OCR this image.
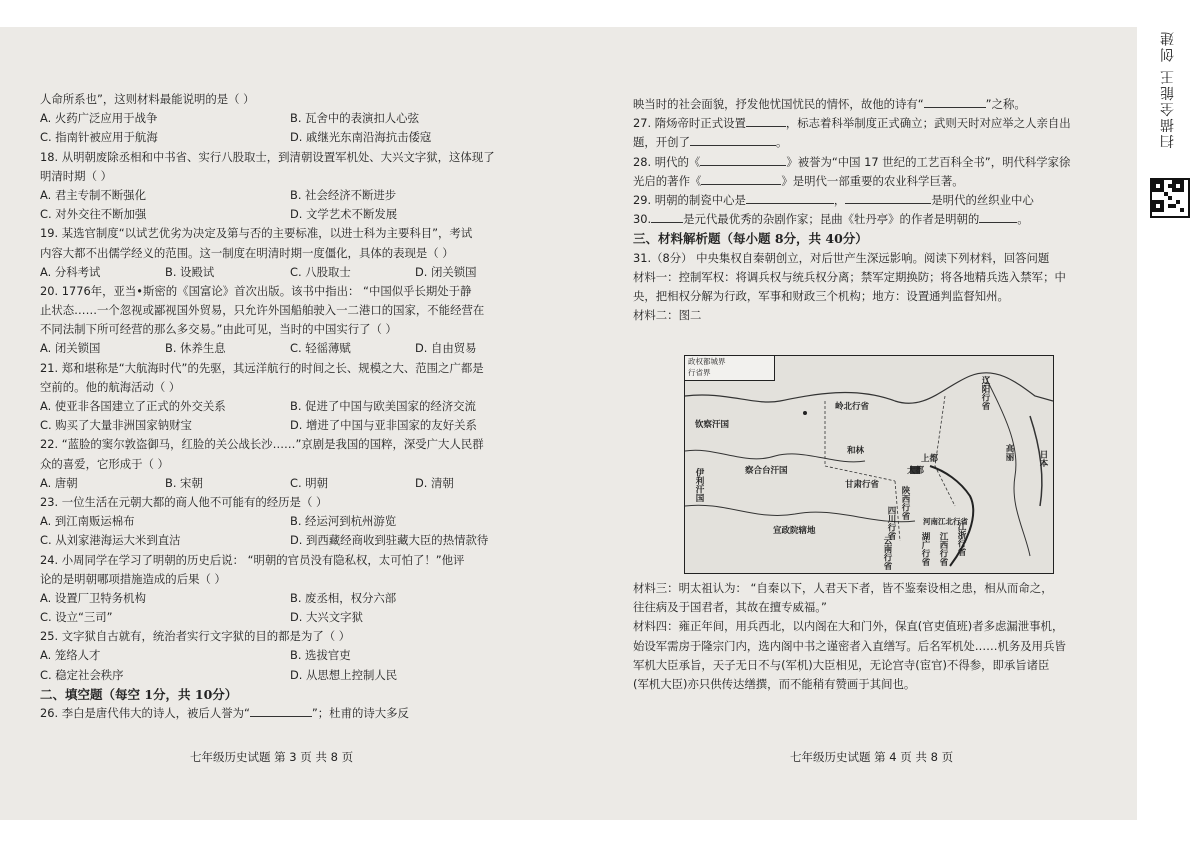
人命所系也”，这则材料最能说明的是（ ）
A. 火药广泛应用于战争	B. 瓦舍中的表演扣人心弦
C. 指南针被应用于航海	D. 戚继光东南沿海抗击倭寇
18. 从明朝废除丞相和中书省、实行八股取士，到清朝设置军机处、大兴文字狱，这体现了
明清时期（ ）
A. 君主专制不断强化	B. 社会经济不断进步
C. 对外交往不断加强	D. 文学艺术不断发展
19. 某选官制度“以试艺优劣为决定及第与否的主要标准，以进士科为主要科目”，考试
内容大都不出儒学经义的范围。这一制度在明清时期一度僵化，具体的表现是（ ）
A. 分科考试	B. 设殿试	C. 八股取士	D. 闭关锁国
20. 1776年，亚当•斯密的《国富论》首次出版。该书中指出： “中国似乎长期处于静
止状态……一个忽视或鄙视国外贸易，只允许外国船舶驶入一二港口的国家，不能经营在
不同法制下所可经营的那么多交易。”由此可见，当时的中国实行了（ ）
A. 闭关锁国	B. 休养生息	C. 轻徭薄赋	D. 自由贸易
21. 郑和堪称是“大航海时代”的先驱，其远洋航行的时间之长、规模之大、范围之广都是
空前的。他的航海活动（ ）
A. 使亚非各国建立了正式的外交关系	B. 促进了中国与欧美国家的经济交流
C. 购买了大量非洲国家钠财宝	D. 增进了中国与亚非国家的友好关系
22. “蓝脸的窦尔敦盗御马，红脸的关公战长沙……”京剧是我国的国粹，深受广大人民群
众的喜爱，它形成于（ ）
A. 唐朝	B. 宋朝	C. 明朝	D. 清朝
23. 一位生活在元朝大都的商人他不可能有的经历是（ ）
A. 到江南贩运棉布	B. 经运河到杭州游览
C. 从刘家港海运大米到直沽	D. 到西藏经商收到驻藏大臣的热情款待
24. 小周同学在学习了明朝的历史后说： “明朝的官员没有隐私权，太可怕了！”他评
论的是明朝哪项措施造成的后果（ ）
A. 设置厂卫特务机构	B. 废丞相，权分六部
C. 设立“三司”	D. 大兴文字狱
25. 文字狱自古就有，统治者实行文字狱的目的都是为了（ ）
A. 笼络人才	B. 选拔官吏
C. 稳定社会秩序	D. 从思想上控制人民
二、填空题（每空 1分，共 10分）
26. 李白是唐代伟大的诗人，被后人誉为“	”；杜甫的诗大多反
七年级历史试题 第 3 页 共 8 页
映当时的社会面貌，抒发他忧国忧民的情怀，故他的诗有“	”之称。
27. 隋炀帝时正式设置	，标志着科举制度正式确立；武则天时对应举之人亲自出
题，开创了	。
28. 明代的《	》被誉为“中国 17 世纪的工艺百科全书”，明代科学家徐
光启的著作《	》是明代一部重要的农业科学巨著。
29. 明朝的制瓷中心是	，	是明代的丝织业中心
30.	是元代最优秀的杂剧作家；昆曲《牡丹亭》的作者是明朝的	。
三、材料解析题（每小题 8分，共 40分）
31.（8分） 中央集权自秦朝创立，对后世产生深远影响。阅读下列材料，回答问题
材料一：控制军权：将调兵权与统兵权分离；禁军定期换防；将各地精兵选入禁军；中
央，把相权分解为行政，军事和财政三个机构；地方：设置通判监督知州。
材料二：图二
政权都城界
行省界
辽阳行省
岭北行省
察合台汗国
钦察汗国
伊利汗国
和林
甘肃行省
上都
大都
宣政院辖地
河南江北行省
江浙行省
江西行省
湖广行省
云南行省
高丽	日本
陕西行省
四川行省
材料三：明太祖认为： “自秦以下，人君天下者，皆不鉴秦设相之患，相从而命之，
往往病及于国君者，其故在擅专威福。”
材料四：雍正年间，用兵西北，以内阁在大和门外，保直(官吏值班)者多虑漏泄事机，
始设军需房于隆宗门内，选内阁中书之谨密者入直缮写。后名军机处……机务及用兵皆
军机大臣承旨，天子无日不与(军机)大臣相见，无论宫寺(宦官)不得参，即承旨诸臣
(军机大臣)亦只供传达缮撰，而不能稍有赞画于其间也。
七年级历史试题 第 4 页 共 8 页
扫描全能王 创建
